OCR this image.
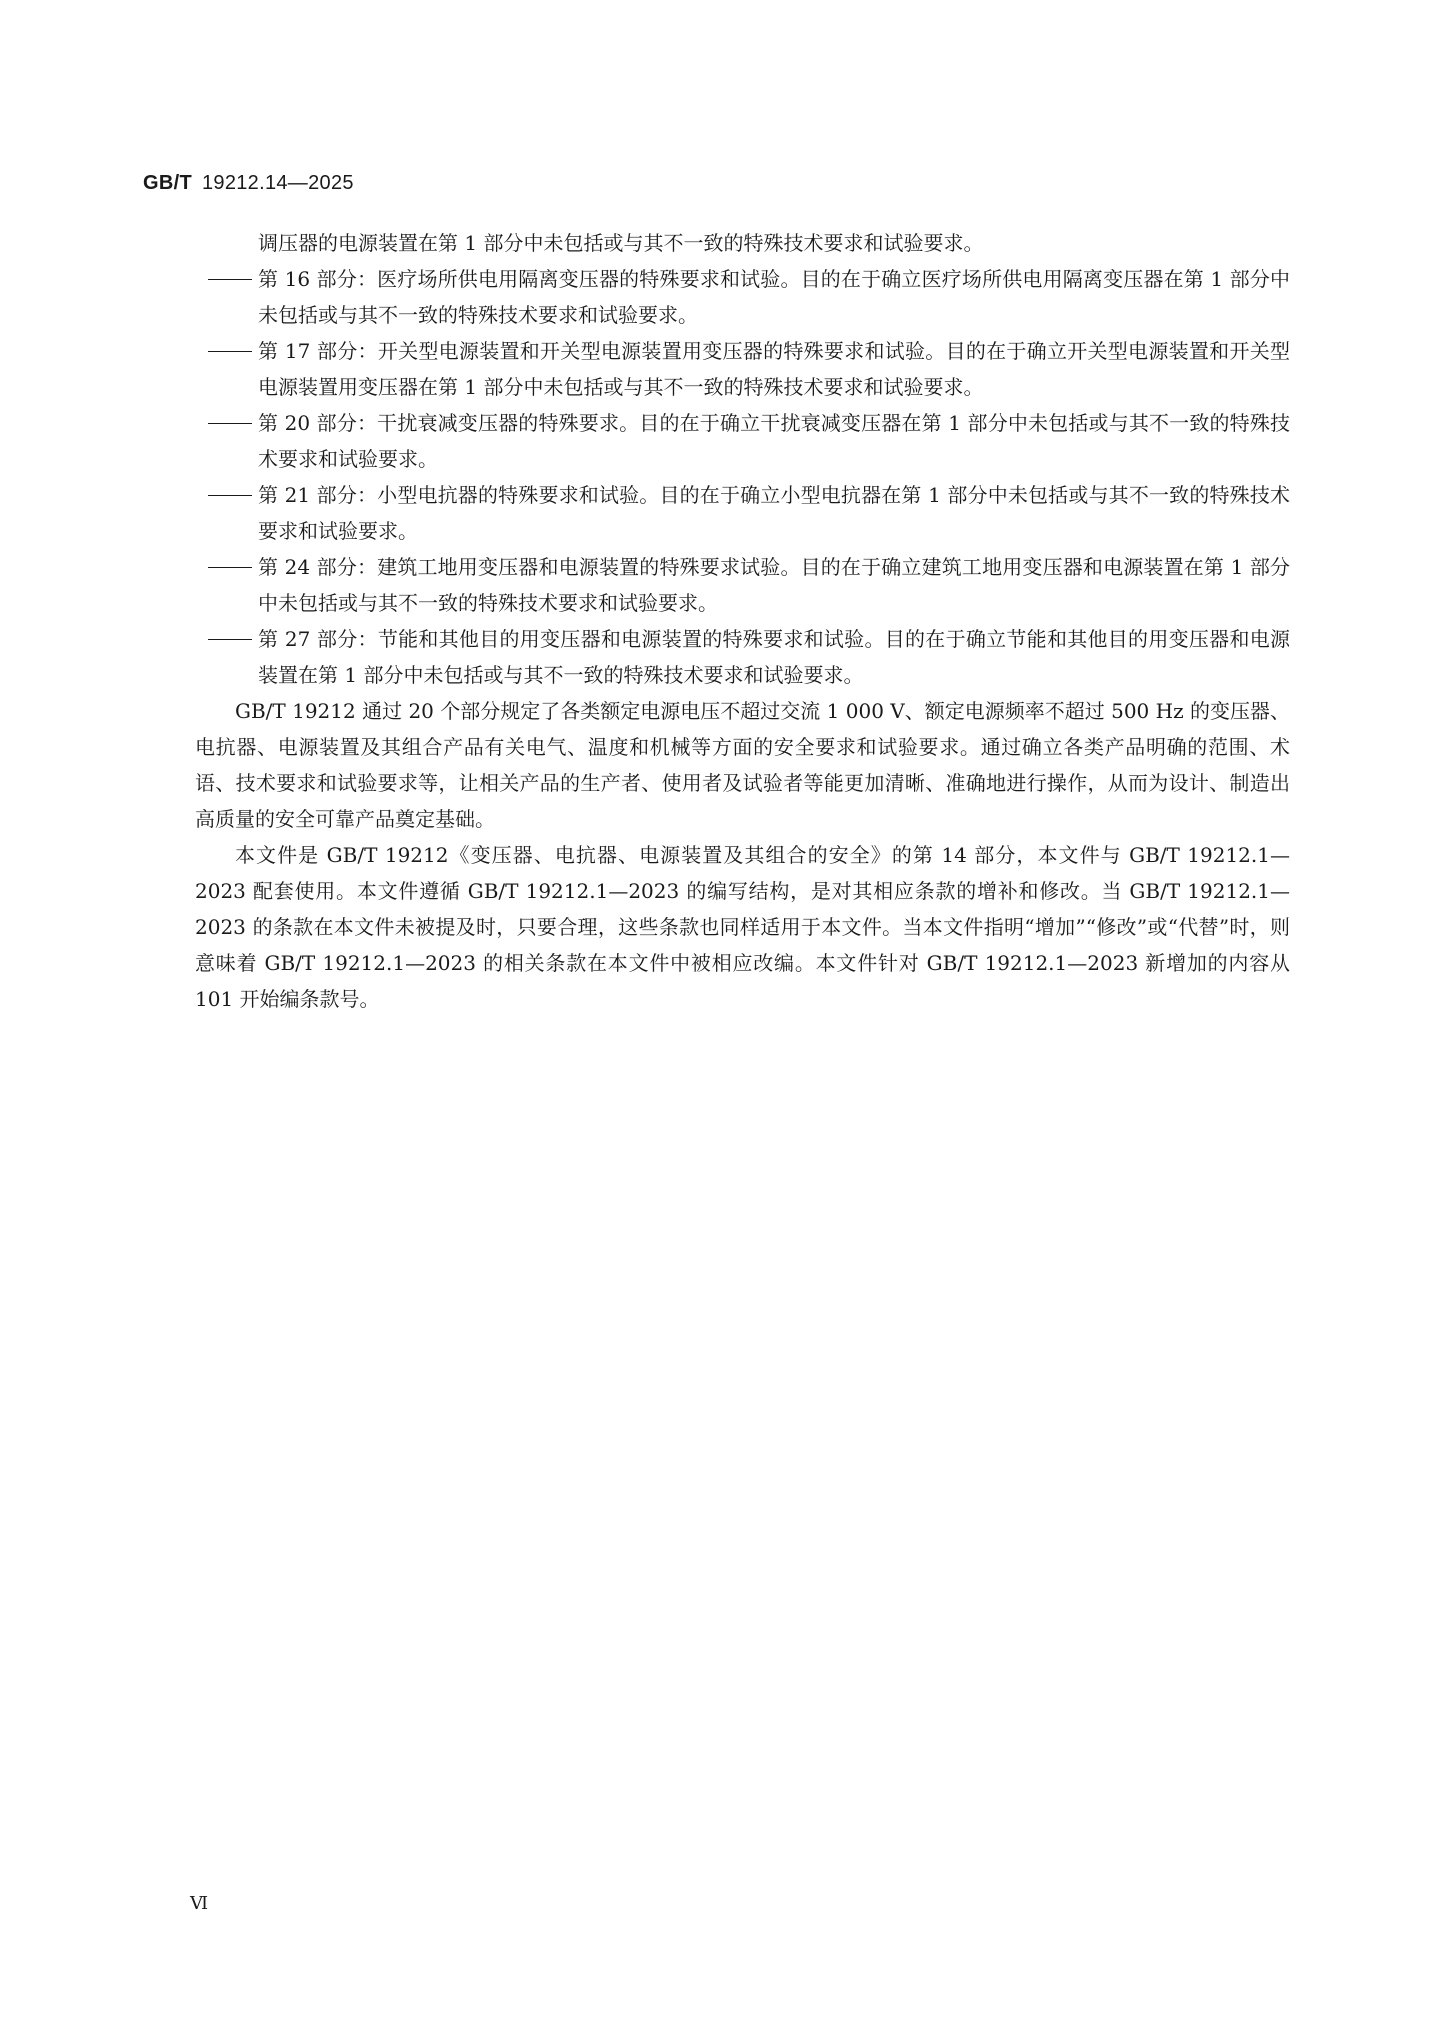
GB/T 19212.14—2025
调压器的电源装置在第 1 部分中未包括或与其不一致的特殊技术要求和试验要求。
第 16 部分：医疗场所供电用隔离变压器的特殊要求和试验。目的在于确立医疗场所供电用隔离变压器在第 1 部分中未包括或与其不一致的特殊技术要求和试验要求。
第 17 部分：开关型电源装置和开关型电源装置用变压器的特殊要求和试验。目的在于确立开关型电源装置和开关型电源装置用变压器在第 1 部分中未包括或与其不一致的特殊技术要求和试验要求。
第 20 部分：干扰衰减变压器的特殊要求。目的在于确立干扰衰减变压器在第 1 部分中未包括或与其不一致的特殊技术要求和试验要求。
第 21 部分：小型电抗器的特殊要求和试验。目的在于确立小型电抗器在第 1 部分中未包括或与其不一致的特殊技术要求和试验要求。
第 24 部分：建筑工地用变压器和电源装置的特殊要求试验。目的在于确立建筑工地用变压器和电源装置在第 1 部分中未包括或与其不一致的特殊技术要求和试验要求。
第 27 部分：节能和其他目的用变压器和电源装置的特殊要求和试验。目的在于确立节能和其他目的用变压器和电源装置在第 1 部分中未包括或与其不一致的特殊技术要求和试验要求。
GB/T 19212 通过 20 个部分规定了各类额定电源电压不超过交流 1 000 V、额定电源频率不超过 500 Hz 的变压器、电抗器、电源装置及其组合产品有关电气、温度和机械等方面的安全要求和试验要求。通过确立各类产品明确的范围、术语、技术要求和试验要求等，让相关产品的生产者、使用者及试验者等能更加清晰、准确地进行操作，从而为设计、制造出高质量的安全可靠产品奠定基础。
本文件是 GB/T 19212《变压器、电抗器、电源装置及其组合的安全》的第 14 部分，本文件与 GB/T 19212.1—2023 配套使用。本文件遵循 GB/T 19212.1—2023 的编写结构，是对其相应条款的增补和修改。当 GB/T 19212.1—2023 的条款在本文件未被提及时，只要合理，这些条款也同样适用于本文件。当本文件指明“增加”“修改”或“代替”时，则意味着 GB/T 19212.1—2023 的相关条款在本文件中被相应改编。本文件针对 GB/T 19212.1—2023 新增加的内容从 101 开始编条款号。
Ⅵ
